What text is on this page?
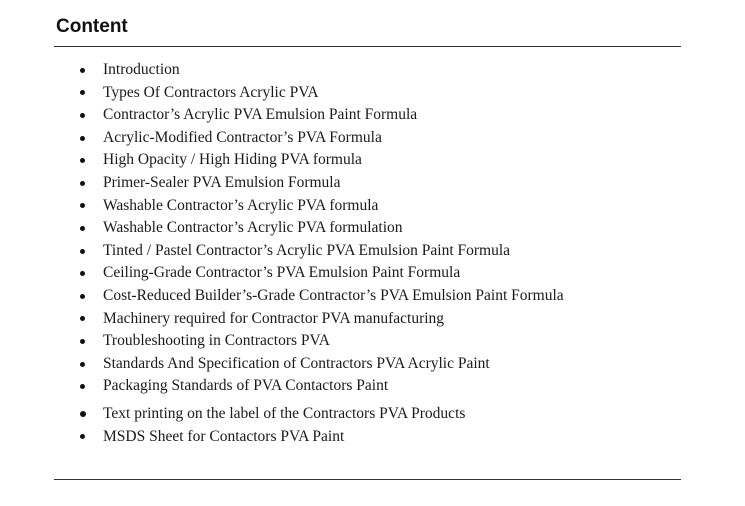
Content
Introduction
Types Of Contractors Acrylic PVA
Contractor’s Acrylic PVA Emulsion Paint Formula
Acrylic-Modified Contractor’s PVA Formula
High Opacity / High Hiding PVA formula
Primer-Sealer PVA Emulsion Formula
Washable Contractor’s Acrylic PVA formula
Washable Contractor’s Acrylic PVA formulation
Tinted / Pastel Contractor’s Acrylic PVA Emulsion Paint Formula
Ceiling-Grade Contractor’s PVA Emulsion Paint Formula
Cost-Reduced Builder’s-Grade Contractor’s PVA Emulsion Paint Formula
Machinery required for Contractor PVA manufacturing
Troubleshooting in Contractors PVA
Standards And Specification of Contractors PVA Acrylic Paint
Packaging Standards of PVA Contactors Paint
Text printing on the label of the Contractors PVA Products
MSDS Sheet for Contactors PVA Paint
